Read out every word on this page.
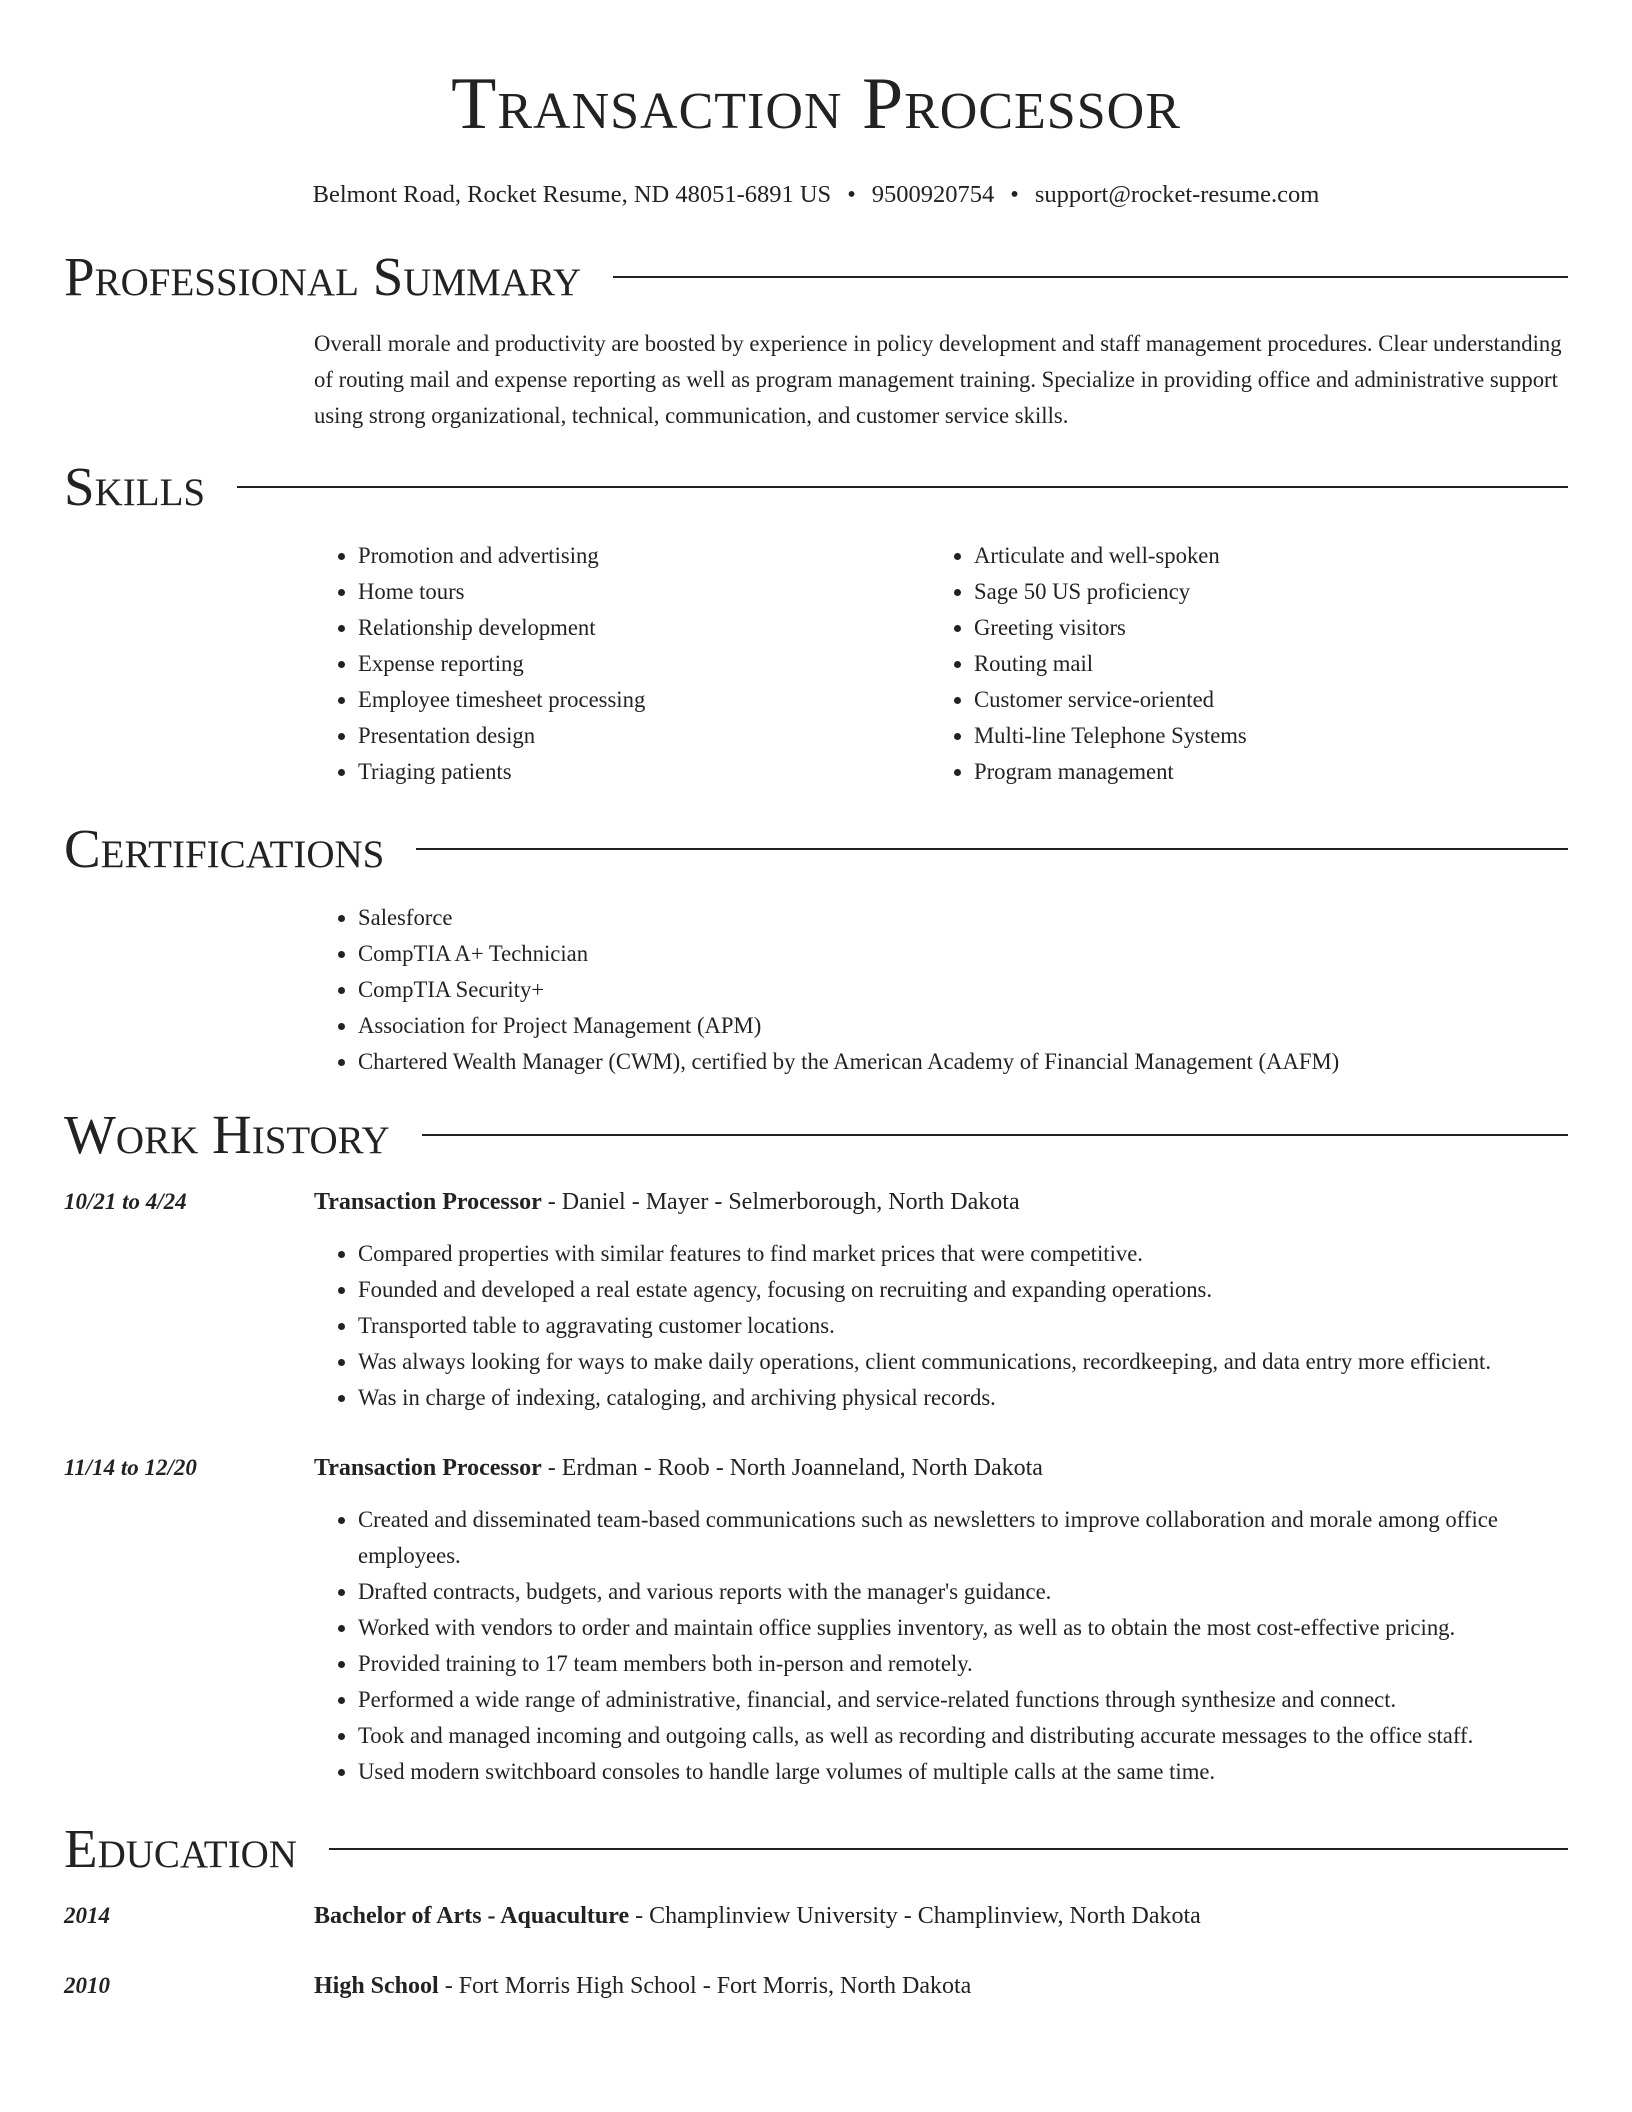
Transaction Processor
Belmont Road, Rocket Resume, ND 48051-6891 US • 9500920754 • support@rocket-resume.com
Professional Summary
Overall morale and productivity are boosted by experience in policy development and staff management procedures. Clear understanding of routing mail and expense reporting as well as program management training. Specialize in providing office and administrative support using strong organizational, technical, communication, and customer service skills.
Skills
• Promotion and advertising
• Home tours
• Relationship development
• Expense reporting
• Employee timesheet processing
• Presentation design
• Triaging patients
• Articulate and well-spoken
• Sage 50 US proficiency
• Greeting visitors
• Routing mail
• Customer service-oriented
• Multi-line Telephone Systems
• Program management
Certifications
• Salesforce
• CompTIA A+ Technician
• CompTIA Security+
• Association for Project Management (APM)
• Chartered Wealth Manager (CWM), certified by the American Academy of Financial Management (AAFM)
Work History
10/21 to 4/24	Transaction Processor - Daniel - Mayer - Selmerborough, North Dakota
• Compared properties with similar features to find market prices that were competitive.
• Founded and developed a real estate agency, focusing on recruiting and expanding operations.
• Transported table to aggravating customer locations.
• Was always looking for ways to make daily operations, client communications, recordkeeping, and data entry more efficient.
• Was in charge of indexing, cataloging, and archiving physical records.
11/14 to 12/20	Transaction Processor - Erdman - Roob - North Joanneland, North Dakota
• Created and disseminated team-based communications such as newsletters to improve collaboration and morale among office employees.
• Drafted contracts, budgets, and various reports with the manager's guidance.
• Worked with vendors to order and maintain office supplies inventory, as well as to obtain the most cost-effective pricing.
• Provided training to 17 team members both in-person and remotely.
• Performed a wide range of administrative, financial, and service-related functions through synthesize and connect.
• Took and managed incoming and outgoing calls, as well as recording and distributing accurate messages to the office staff.
• Used modern switchboard consoles to handle large volumes of multiple calls at the same time.
Education
2014	Bachelor of Arts - Aquaculture - Champlinview University - Champlinview, North Dakota
2010	High School - Fort Morris High School - Fort Morris, North Dakota
